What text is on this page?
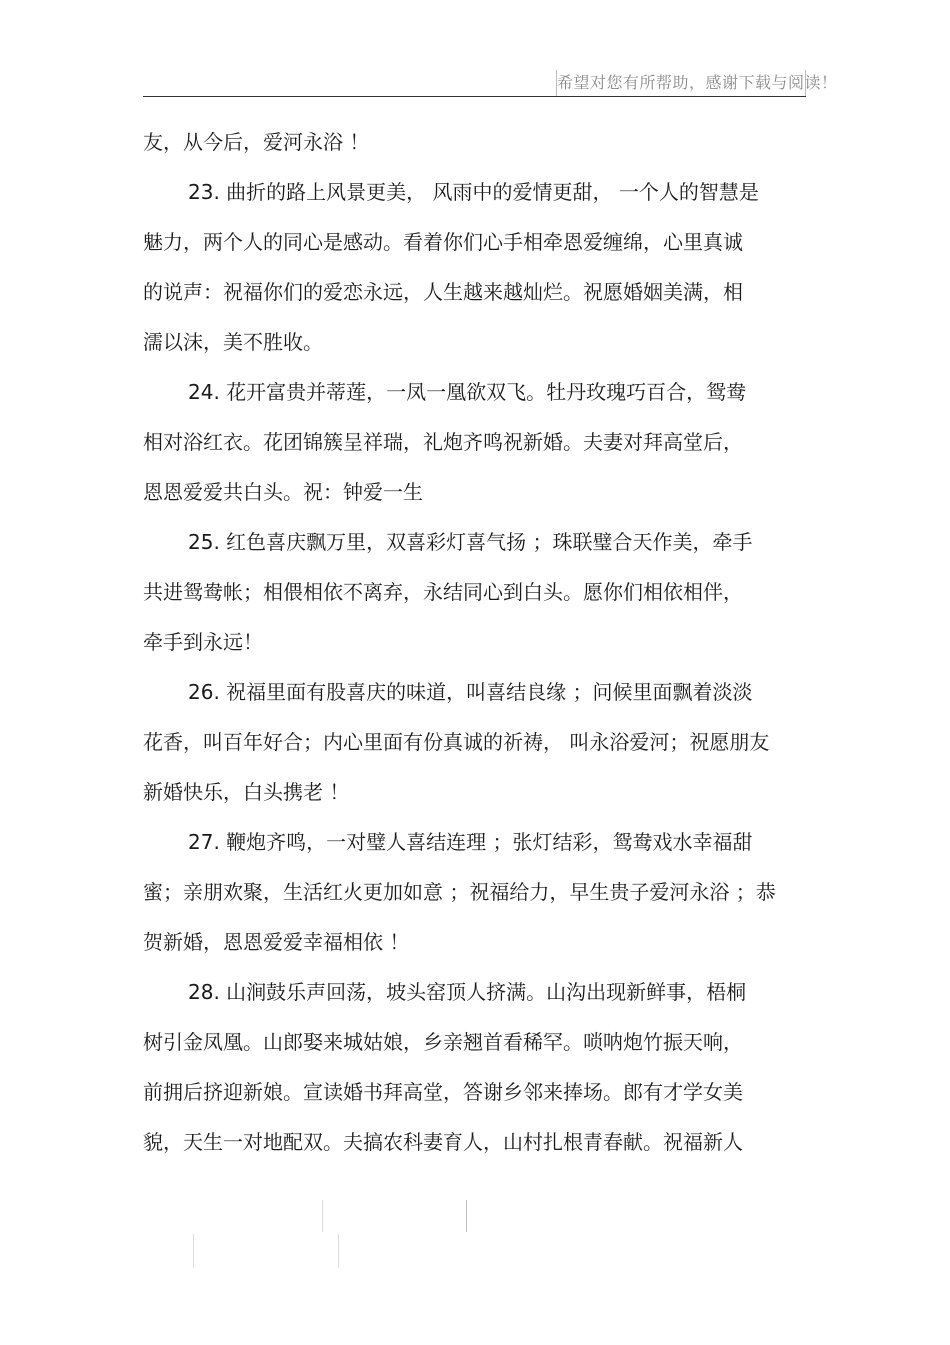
希望对您有所帮助，感谢下载与阅读！
友，从今后，爱河永浴 ！
23. 曲折的路上风景更美， 风雨中的爱情更甜， 一个人的智慧是
魅力，两个人的同心是感动。看着你们心手相牵恩爱缠绵，心里真诚
的说声：祝福你们的爱恋永远，人生越来越灿烂。祝愿婚姻美满，相
濡以沫，美不胜收。
24. 花开富贵并蒂莲，一凤一凰欲双飞。牡丹玫瑰巧百合，鸳鸯
相对浴红衣。花团锦簇呈祥瑞，礼炮齐鸣祝新婚。夫妻对拜高堂后，
恩恩爱爱共白头。祝：钟爱一生
25. 红色喜庆飘万里，双喜彩灯喜气扬 ；珠联璧合天作美，牵手
共进鸳鸯帐；相偎相依不离弃，永结同心到白头。愿你们相依相伴，
牵手到永远！
26. 祝福里面有股喜庆的味道，叫喜结良缘 ；问候里面飘着淡淡
花香，叫百年好合；内心里面有份真诚的祈祷， 叫永浴爱河；祝愿朋友
新婚快乐，白头携老 ！
27. 鞭炮齐鸣，一对璧人喜结连理 ；张灯结彩，鸳鸯戏水幸福甜
蜜；亲朋欢聚，生活红火更加如意 ；祝福给力，早生贵子爱河永浴 ；恭
贺新婚，恩恩爱爱幸福相依 ！
28. 山涧鼓乐声回荡，坡头窑顶人挤满。山沟出现新鲜事，梧桐
树引金凤凰。山郎娶来城姑娘，乡亲翘首看稀罕。唢呐炮竹振天响，
前拥后挤迎新娘。宣读婚书拜高堂，答谢乡邻来捧场。郎有才学女美
貌，天生一对地配双。夫搞农科妻育人，山村扎根青春献。祝福新人
